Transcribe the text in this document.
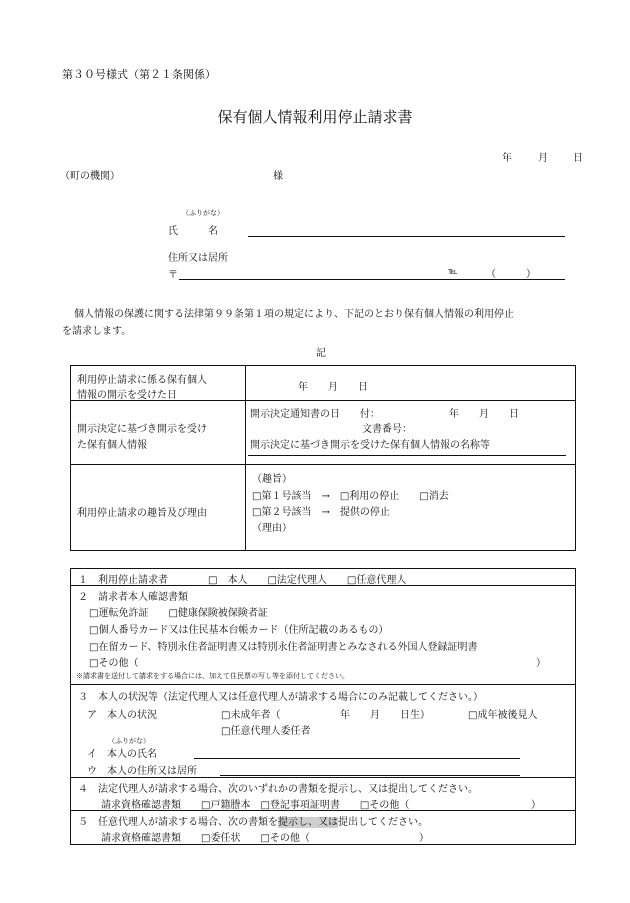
第３０号様式（第２１条関係）
保有個人情報利用停止請求書
年	月	日
（町の機関）	様
（ふりがな）
氏　　　名
住所又は居所
〒	℡	（　　　）
個人情報の保護に関する法律第９９条第１項の規定により、下記のとおり保有個人情報の利用停止
を請求します。
記
利用停止請求に係る保有個人
情報の開示を受けた日
年　　月　　日
開示決定に基づき開示を受け
た保有個人情報
開示決定通知書の日　　付：	年　　月　　日
文書番号：
開示決定に基づき開示を受けた保有個人情報の名称等
利用停止請求の趣旨及び理由
（趣旨）
□第１号該当　→　□利用の停止　　□消去
□第２号該当　→　提供の停止
（理由）
１　利用停止請求者　　　　□　本人　　□法定代理人　　□任意代理人
２　請求者本人確認書類
□運転免許証　　□健康保険被保険者証
□個人番号カード又は住民基本台帳カード（住所記載のあるもの）
□在留カード、特別永住者証明書又は特別永住者証明書とみなされる外国人登録証明書
□その他（	）
※請求書を送付して請求をする場合には、加えて住民票の写し等を添付してください。
３　本人の状況等（法定代理人又は任意代理人が請求する場合にのみ記載してください。）
ア　本人の状況	□未成年者（	年　　月　　日生）	□成年被後見人
□任意代理人委任者
（ふりがな）
イ　本人の氏名
ウ　本人の住所又は居所
４　法定代理人が請求する場合、次のいずれかの書類を提示し、又は提出してください。
請求資格確認書類　　□戸籍謄本　□登記事項証明書　　□その他（	）
５　任意代理人が請求する場合、次の書類を提示し、又は提出してください。
請求資格確認書類　　□委任状　　□その他（	）
